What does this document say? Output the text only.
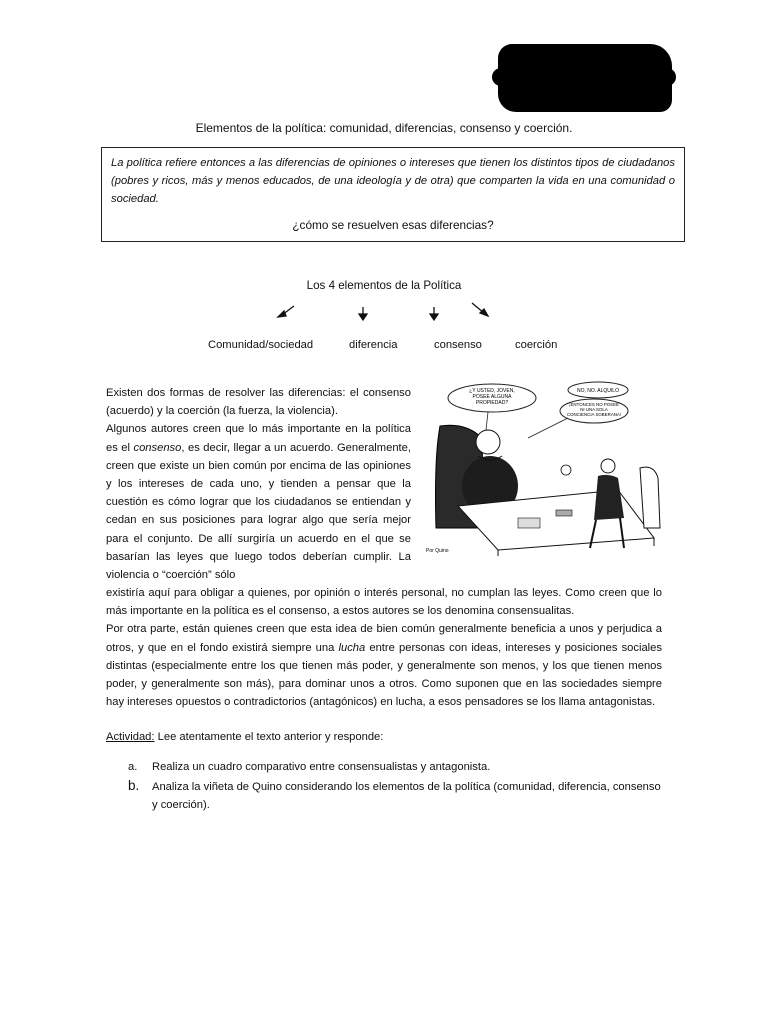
Elementos de la política: comunidad, diferencias, consenso y coerción.
La política refiere entonces a las diferencias de opiniones o intereses que tienen los distintos tipos de ciudadanos (pobres y ricos, más y menos educados, de una ideología y de otra) que comparten la vida en una comunidad o sociedad.
¿cómo se resuelven esas diferencias?
Los 4 elementos de la Política
Comunidad/sociedad	diferencia	consenso	coerción
Existen dos formas de resolver las diferencias: el consenso (acuerdo) y la coerción (la fuerza, la violencia).
Algunos autores creen que lo más importante en la política es el consenso, es decir, llegar a un acuerdo. Generalmente, creen que existe un bien común por encima de las opiniones y los intereses de cada uno, y tienden a pensar que la cuestión es cómo lograr que los ciudadanos se entiendan y cedan en sus posiciones para lograr algo que sería mejor para el conjunto. De allí surgiría un acuerdo en el que se basarían las leyes que luego todos deberían cumplir. La violencia o “coerción” sólo
¿Y USTED, JOVEN, POSEE ALGUNA PROPIEDAD?
NO, NO. ALQUILO
¡ENTONCES NO POSEE NI UNA SOLA CONCIENCIA SOBERANA!
Por Quino

existiría aquí para obligar a quienes, por opinión o interés personal, no cumplan las leyes. Como creen que lo más importante en la política es el consenso, a estos autores se los denomina consensualitas.

Por otra parte, están quienes creen que esta idea de bien común generalmente beneficia a unos y perjudica a otros, y que en el fondo existirá siempre una lucha entre personas con ideas, intereses y posiciones sociales distintas (especialmente entre los que tienen más poder, y generalmente son menos, y los que tienen menos poder, y generalmente son más), para dominar unos a otros. Como suponen que en las sociedades siempre hay intereses opuestos o contradictorios (antagónicos) en lucha, a esos pensadores se los llama antagonistas.

Actividad: Lee atentamente el texto anterior y responde:
a. Realiza un cuadro comparativo entre consensualistas y antagonista.
b. Analiza la viñeta de Quino considerando los elementos de la política (comunidad, diferencia, consenso y coerción).
